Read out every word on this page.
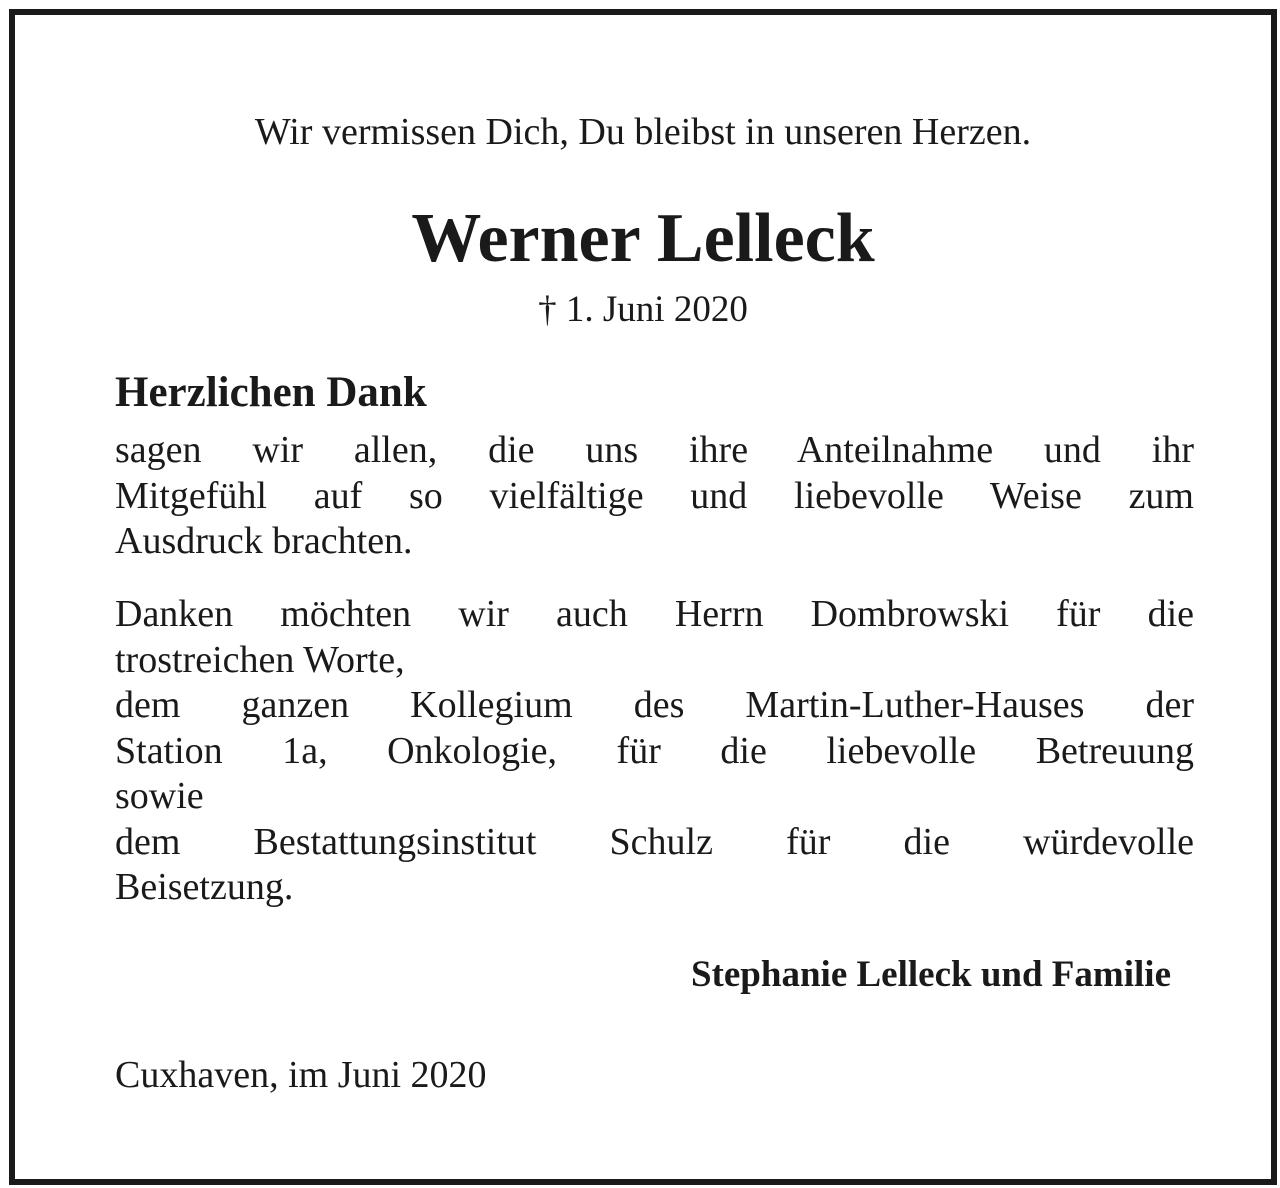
Wir vermissen Dich, Du bleibst in unseren Herzen.

Werner Lelleck

† 1. Juni 2020

Herzlichen Dank
sagen wir allen, die uns ihre Anteilnahme und ihr
Mitgefühl auf so vielfältige und liebevolle Weise zum
Ausdruck brachten.
Danken möchten wir auch Herrn Dombrowski für die
trostreichen Worte,
dem ganzen Kollegium des Martin-Luther-Hauses der
Station 1a, Onkologie, für die liebevolle Betreuung
sowie
dem Bestattungsinstitut Schulz für die würdevolle
Beisetzung.

Stephanie Lelleck und Familie

Cuxhaven, im Juni 2020
